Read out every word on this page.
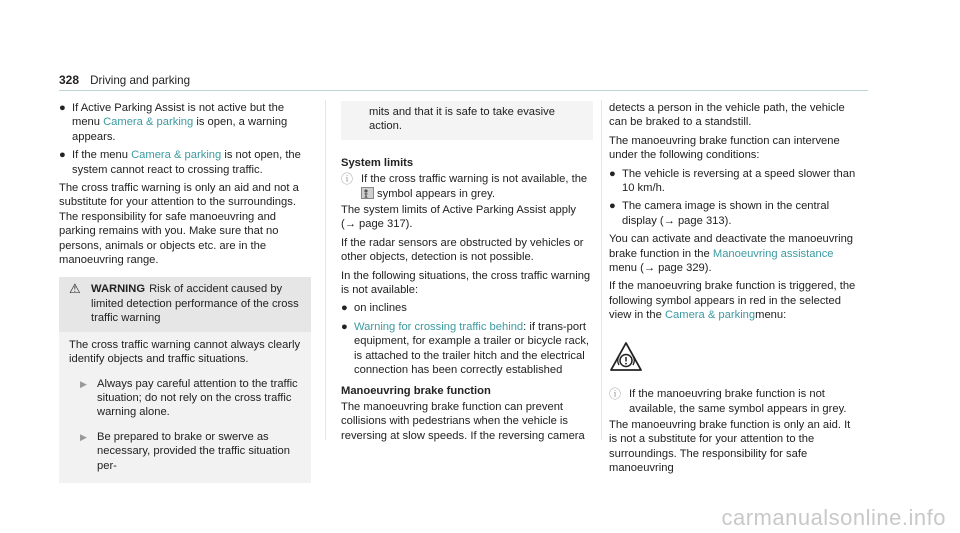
328 Driving and parking
● If Active Parking Assist is not active but the menu Camera & parking is open, a warning appears.
● If the menu Camera & parking is not open, the system cannot react to crossing traffic.

The cross traffic warning is only an aid and not a substitute for your attention to the surroundings. The responsibility for safe manoeuvring and parking remains with you. Make sure that no persons, animals or objects etc. are in the manoeuvring range.

⚠ WARNING Risk of accident caused by limited detection performance of the cross traffic warning
The cross traffic warning cannot always clearly identify objects and traffic situations.
▶ Always pay careful attention to the traffic situation; do not rely on the cross traffic warning alone.
▶ Be prepared to brake or swerve as necessary, provided the traffic situation per-
mits and that it is safe to take evasive action.
System limits
ⓘ If the cross traffic warning is not available, the
symbol appears in grey.

The system limits of Active Parking Assist apply (→ page 317).

If the radar sensors are obstructed by vehicles or other objects, detection is not possible.

In the following situations, the cross traffic warning is not available:

● on inclines
● Warning for crossing traffic behind: if trans-port equipment, for example a trailer or bicycle rack, is attached to the trailer hitch and the electrical connection has been correctly established
Manoeuvring brake function

The manoeuvring brake function can prevent collisions with pedestrians when the vehicle is reversing at slow speeds. If the reversing camera

detects a person in the vehicle path, the vehicle can be braked to a standstill.

The manoeuvring brake function can intervene under the following conditions:

● The vehicle is reversing at a speed slower than 10 km/h.
● The camera image is shown in the central display (→ page 313).

You can activate and deactivate the manoeuvring brake function in the Manoeuvring assistance menu (→ page 329).

If the manoeuvring brake function is triggered, the following symbol appears in red in the selected view in the Camera & parkingmenu:

ⓘ If the manoeuvring brake function is not available, the same symbol appears in grey.

The manoeuvring brake function is only an aid. It is not a substitute for your attention to the surroundings. The responsibility for safe manoeuvring

carmanualsonline.info
